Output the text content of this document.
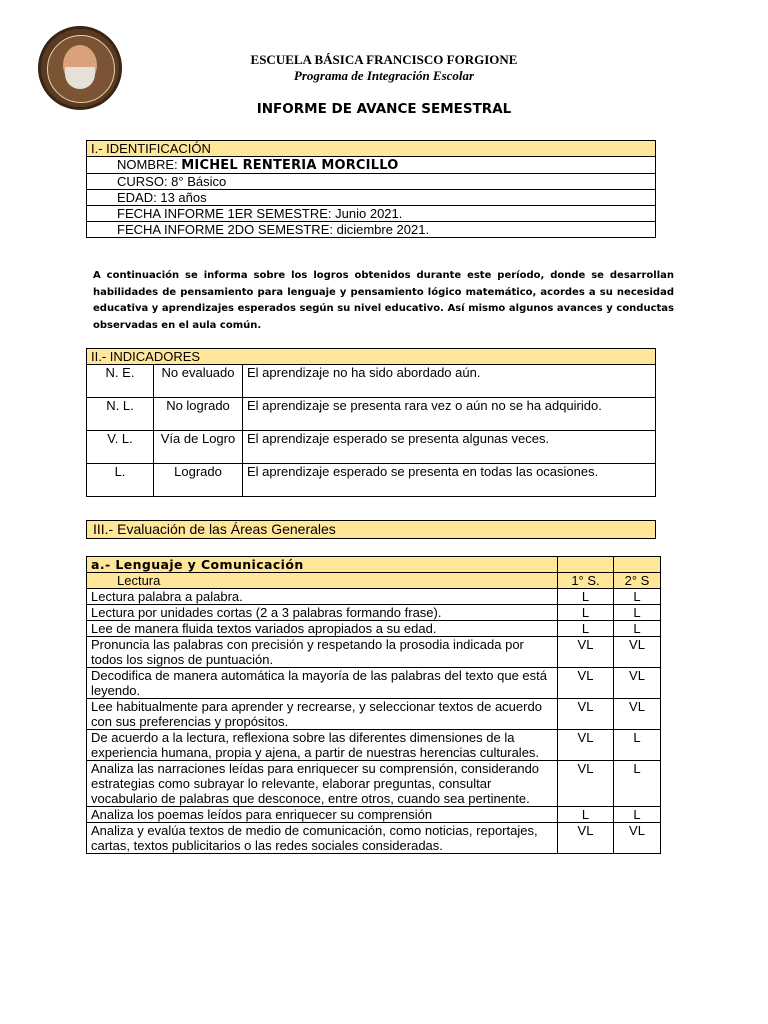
ESCUELA BÁSICA FRANCISCO FORGIONE
Programa de Integración Escolar
INFORME DE AVANCE SEMESTRAL
I.- IDENTIFICACIÓN
NOMBRE: MICHEL RENTERIA MORCILLO
CURSO: 8° Básico
EDAD: 13 años
FECHA INFORME 1ER SEMESTRE: Junio 2021.
FECHA INFORME 2DO SEMESTRE: diciembre 2021.
A continuación se informa sobre los logros obtenidos durante este período, donde se desarrollan habilidades de pensamiento para lenguaje y pensamiento lógico matemático, acordes a su necesidad educativa y aprendizajes esperados según su nivel educativo. Así mismo algunos avances y conductas observadas en el aula común.
II.- INDICADORES		
N. E.	No evaluado	El aprendizaje no ha sido abordado aún.
N. L.	No logrado	El aprendizaje se presenta rara vez o aún no se ha adquirido.
V. L.	Vía de Logro	El aprendizaje esperado se presenta algunas veces.
L.	Logrado	El aprendizaje esperado se presenta en todas las ocasiones.
III.- Evaluación de las Áreas Generales
a.- Lenguaje y Comunicación		
Lectura	1° S.	2° S
Lectura palabra a palabra.	L	L
Lectura por unidades cortas (2 a 3 palabras formando frase).	L	L
Lee de manera fluida textos variados apropiados a su edad.	L	L
Pronuncia las palabras con precisión y respetando la prosodia indicada por todos los signos de puntuación.	VL	VL
Decodifica de manera automática la mayoría de las palabras del texto que está leyendo.	VL	VL
Lee habitualmente para aprender y recrearse, y seleccionar textos de acuerdo con sus preferencias y propósitos.	VL	VL
De acuerdo a la lectura, reflexiona sobre las diferentes dimensiones de la experiencia humana, propia y ajena, a partir de nuestras herencias culturales.	VL	L
Analiza las narraciones leídas para enriquecer su comprensión, considerando estrategias como subrayar lo relevante, elaborar preguntas, consultar vocabulario de palabras que desconoce, entre otros, cuando sea pertinente.	VL	L
Analiza los poemas leídos para enriquecer su comprensión	L	L
Analiza y evalúa textos de medio de comunicación, como noticias, reportajes, cartas, textos publicitarios o las redes sociales consideradas.	VL	VL
